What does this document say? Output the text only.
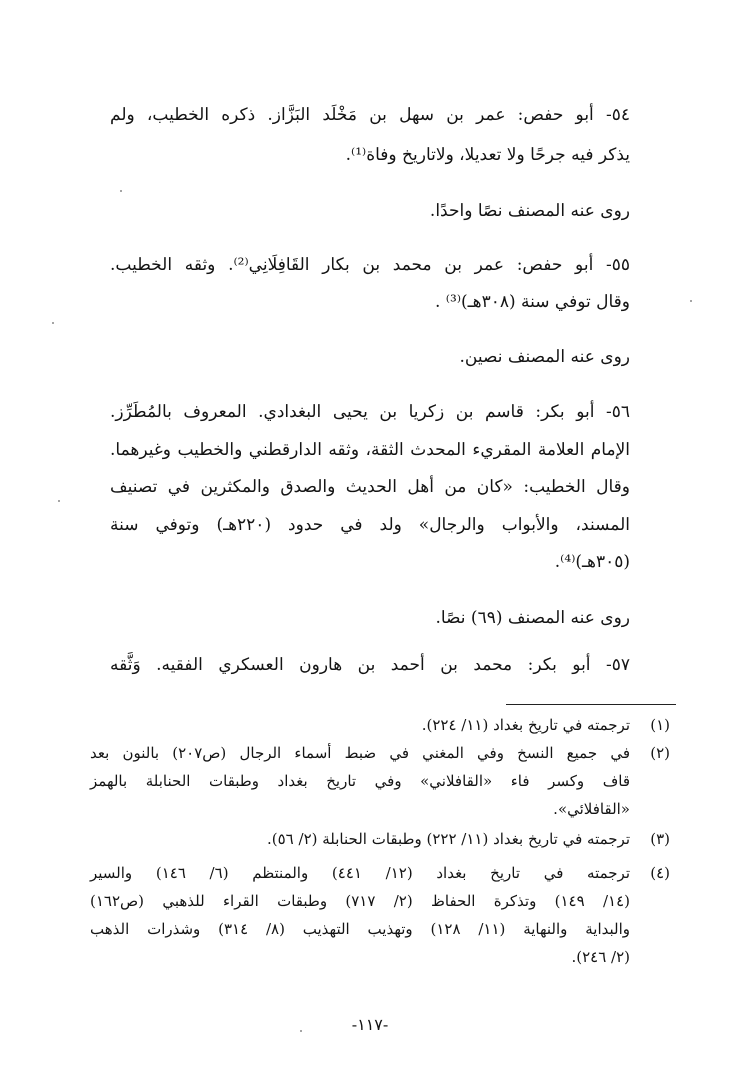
٥٤- أبو حفص: عمر بن سهل بن مَخْلَد البَزَّاز. ذكره الخطيب، ولم

يذكر فيه جرحًا ولا تعديلا، ولاتاريخ وفاة⁽¹⁾.

روى عنه المصنف نصًا واحدًا.

٥٥- أبو حفص: عمر بن محمد بن بكار القَافِلَانِي⁽²⁾. وثقه الخطيب.

وقال توفي سنة (٣٠٨هـ)⁽³⁾ .

روى عنه المصنف نصين.

٥٦- أبو بكر: قاسم بن زكريا بن يحيى البغدادي. المعروف بالمُطَرِّز.

الإمام العلامة المقريء المحدث الثقة، وثقه الدارقطني والخطيب وغيرهما.

وقال الخطيب: «كان من أهل الحديث والصدق والمكثرين في تصنيف

المسند، والأبواب والرجال» ولد في حدود (٢٢٠هـ) وتوفي سنة

(٣٠٥هـ)⁽⁴⁾.

روى عنه المصنف (٦٩) نصًا.

٥٧- أبو بكر: محمد بن أحمد بن هارون العسكري الفقيه. وَثَّقه

(١)
ترجمته في تاريخ بغداد (١١/ ٢٢٤).
(٢)
في جميع النسخ وفي المغني في ضبط أسماء الرجال (ص٢٠٧) بالنون بعد
قاف وكسر فاء «القافلاني» وفي تاريخ بغداد وطبقات الحنابلة بالهمز
«القافلائي».
(٣)
ترجمته في تاريخ بغداد (١١/ ٢٢٢) وطبقات الحنابلة (٢/ ٥٦).
(٤)
ترجمته في تاريخ بغداد (١٢/ ٤٤١) والمنتظم (٦/ ١٤٦) والسير
(١٤/ ١٤٩) وتذكرة الحفاظ (٢/ ٧١٧) وطبقات القراء للذهبي (ص١٦٢)
والبداية والنهاية (١١/ ١٢٨) وتهذيب التهذيب (٨/ ٣١٤) وشذرات الذهب
(٢/ ٢٤٦).
-١١٧-
